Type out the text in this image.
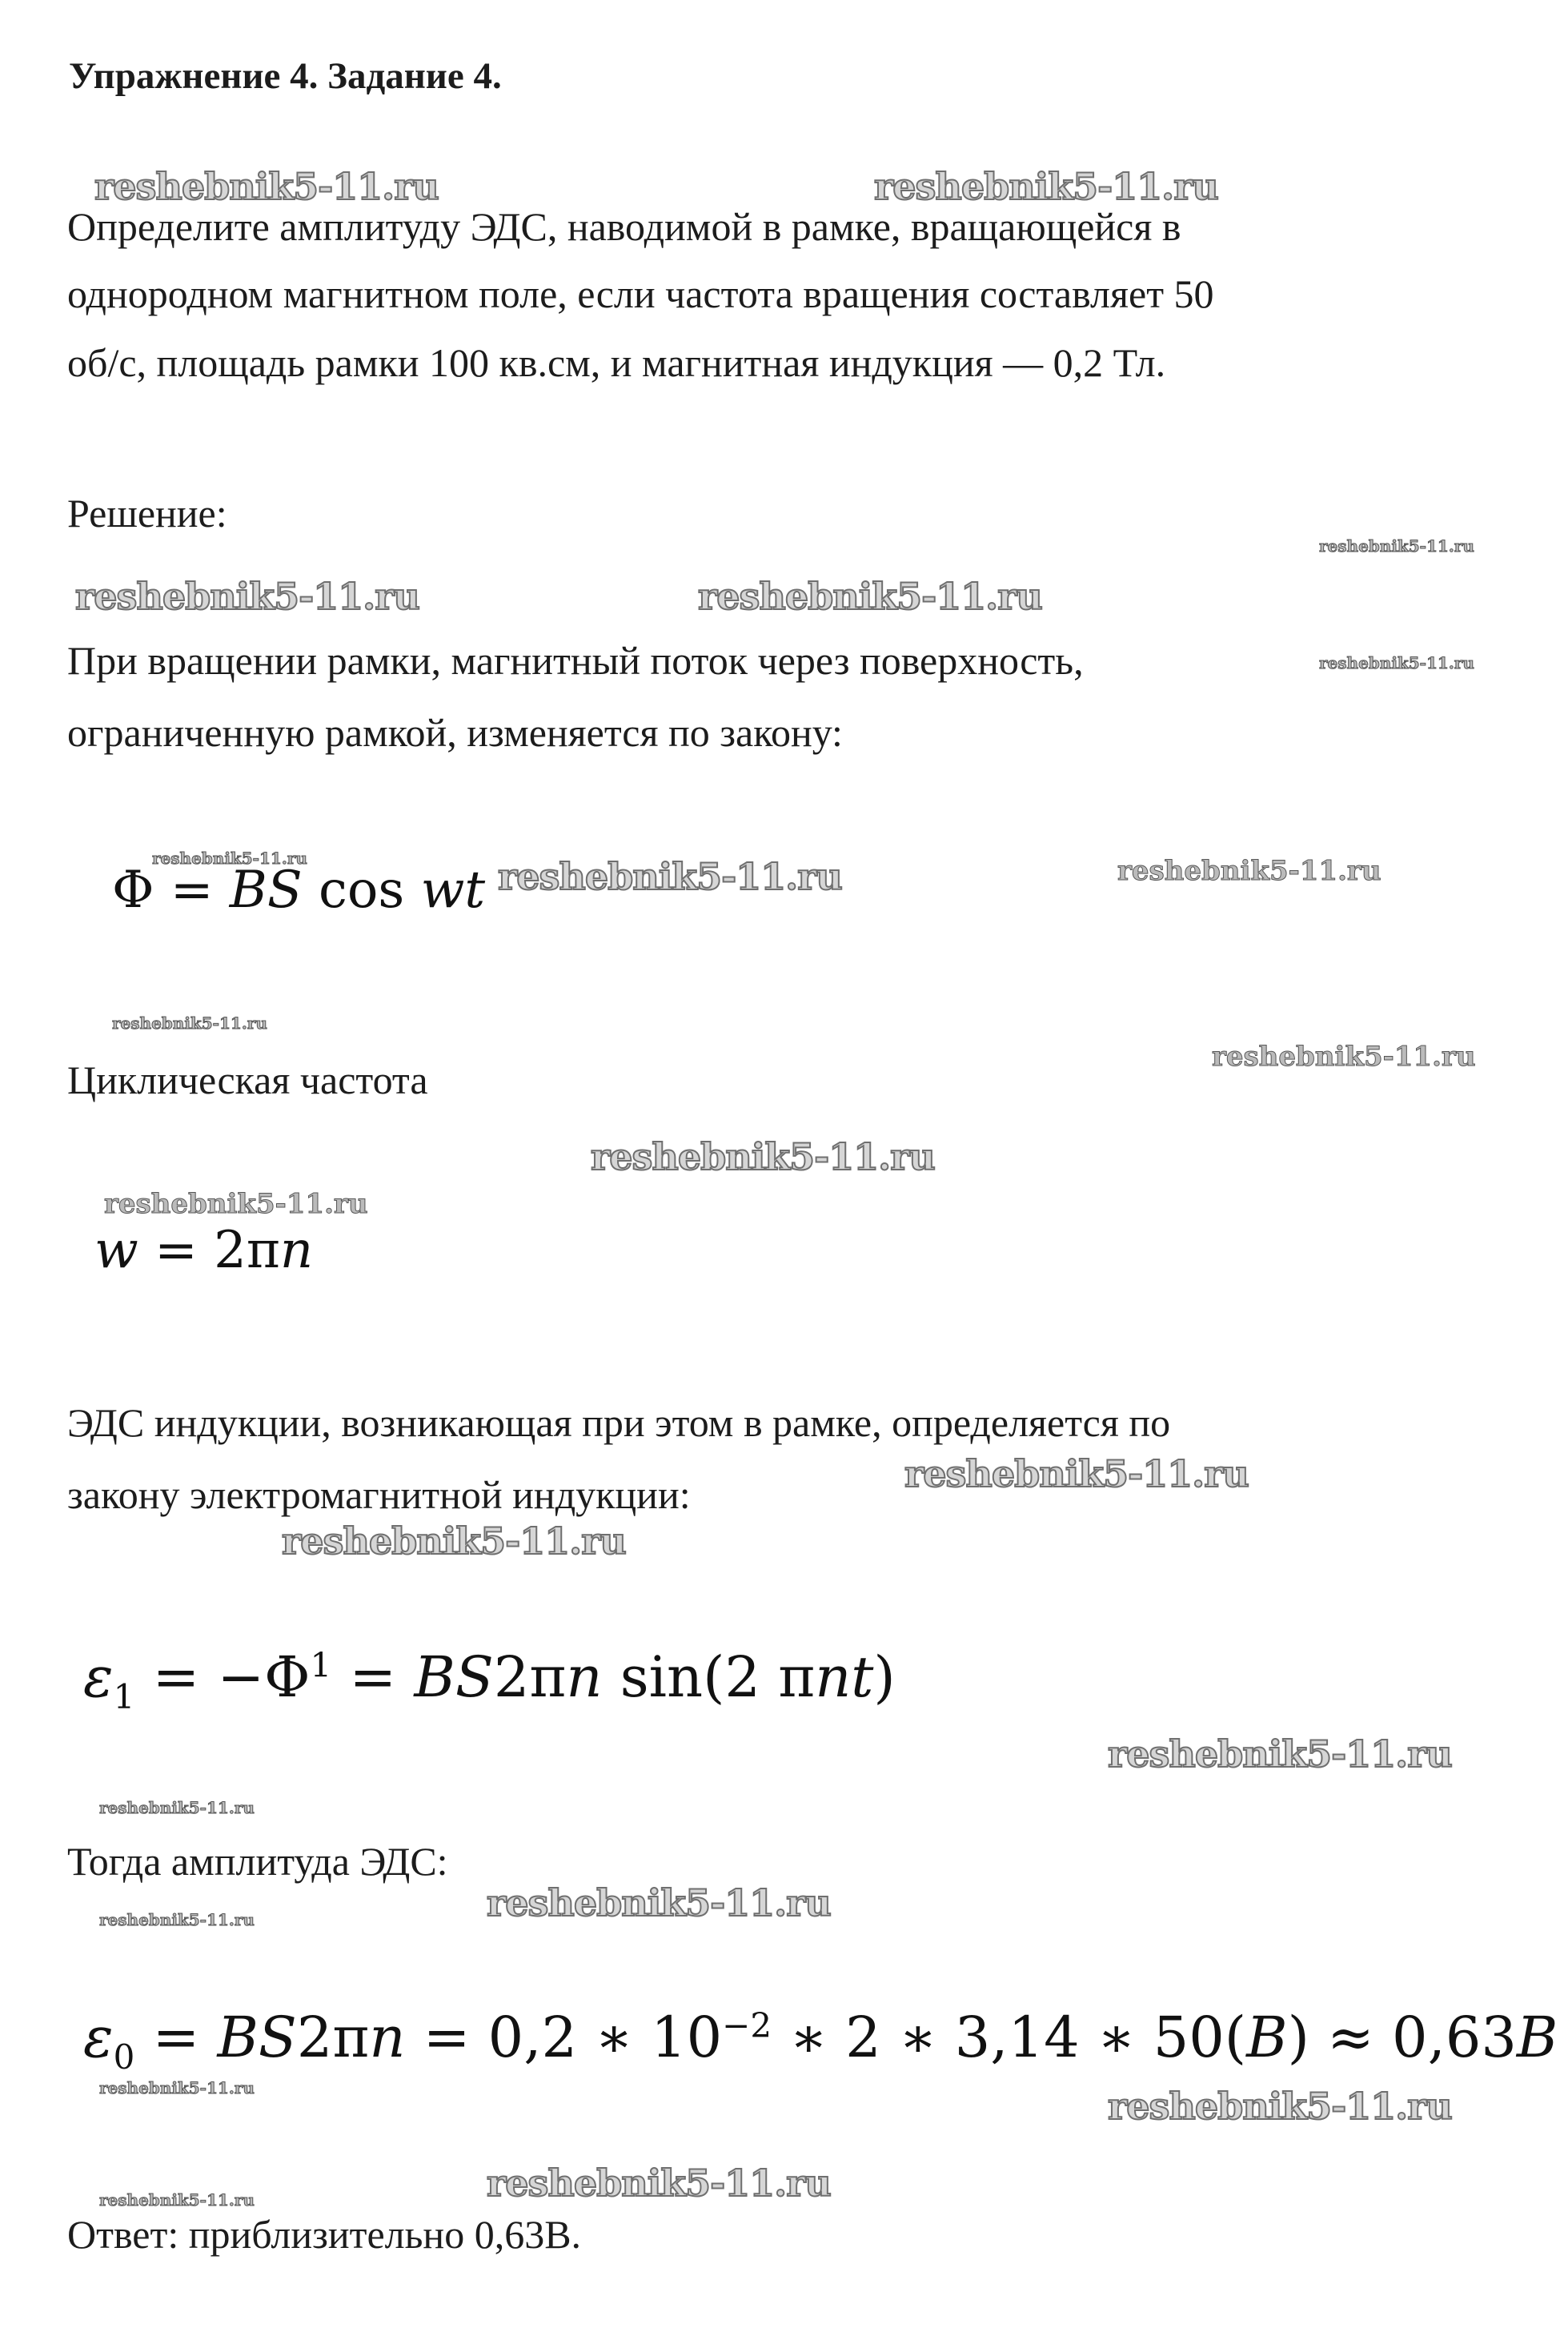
Упражнение 4. Задание 4.
reshebnik5-11.ru	reshebnik5-11.ru
Определите амплитуду ЭДС, наводимой в рамке, вращающейся в
однородном магнитном поле, если частота вращения составляет 50
об/с, площадь рамки 100 кв.см, и магнитная индукция — 0,2 Тл.
Решение:
reshebnik5-11.ru
reshebnik5-11.ru	reshebnik5-11.ru
При вращении рамки, магнитный поток через поверхность,	reshebnik5-11.ru
ограниченную рамкой, изменяется по закону:
reshebnik5-11.ru
Φ = BS cos wt reshebnik5-11.ru	reshebnik5-11.ru
reshebnik5-11.ru
Циклическая частота
reshebnik5-11.ru
reshebnik5-11.ru
reshebnik5-11.ru
w = 2πn
ЭДС индукции, возникающая при этом в рамке, определяется по
закону электромагнитной индукции:	reshebnik5-11.ru
reshebnik5-11.ru
$\varepsilon_1 = -\Phi^1 = BS2\pi n$ sin(2 πnt)
reshebnik5-11.ru
reshebnik5-11.ru
Тогда амплитуда ЭДС:
reshebnik5-11.ru
reshebnik5-11.ru
$\varepsilon_0 = BS2\pi n = 0,2$ ∗ $10^{-2}$ ∗ 2 ∗ 3,14 ∗ 50(B) ≈ 0,63B
reshebnik5-11.ru	reshebnik5-11.ru
reshebnik5-11.ru
reshebnik5-11.ru
Ответ: приблизительно 0,63В.
